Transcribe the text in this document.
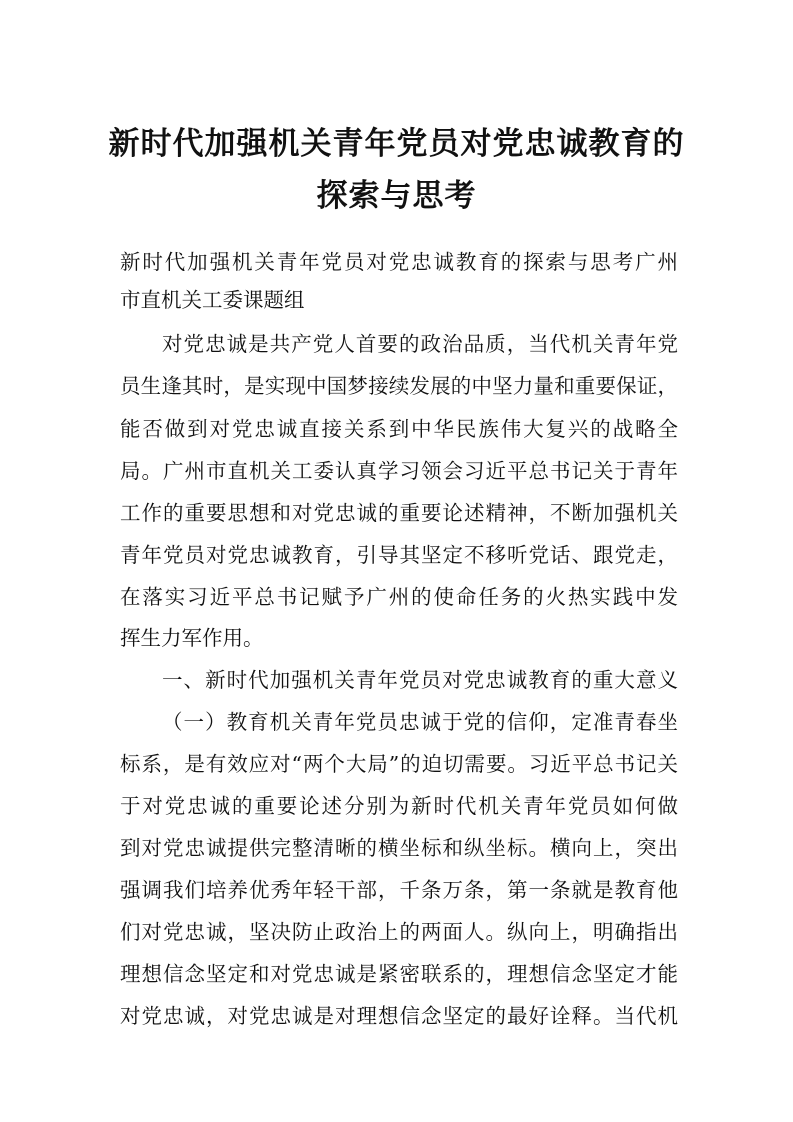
新时代加强机关青年党员对党忠诚教育的
探索与思考

新时代加强机关青年党员对党忠诚教育的探索与思考广州

市直机关工委课题组

对党忠诚是共产党人首要的政治品质，当代机关青年党

员生逢其时，是实现中国梦接续发展的中坚力量和重要保证，

能否做到对党忠诚直接关系到中华民族伟大复兴的战略全

局。广州市直机关工委认真学习领会习近平总书记关于青年

工作的重要思想和对党忠诚的重要论述精神，不断加强机关

青年党员对党忠诚教育，引导其坚定不移听党话、跟党走，

在落实习近平总书记赋予广州的使命任务的火热实践中发

挥生力军作用。

一、新时代加强机关青年党员对党忠诚教育的重大意义

（一）教育机关青年党员忠诚于党的信仰，定准青春坐

标系，是有效应对“两个大局”的迫切需要。习近平总书记关

于对党忠诚的重要论述分别为新时代机关青年党员如何做

到对党忠诚提供完整清晰的横坐标和纵坐标。横向上，突出

强调我们培养优秀年轻干部，千条万条，第一条就是教育他

们对党忠诚，坚决防止政治上的两面人。纵向上，明确指出

理想信念坚定和对党忠诚是紧密联系的，理想信念坚定才能

对党忠诚，对党忠诚是对理想信念坚定的最好诠释。当代机
